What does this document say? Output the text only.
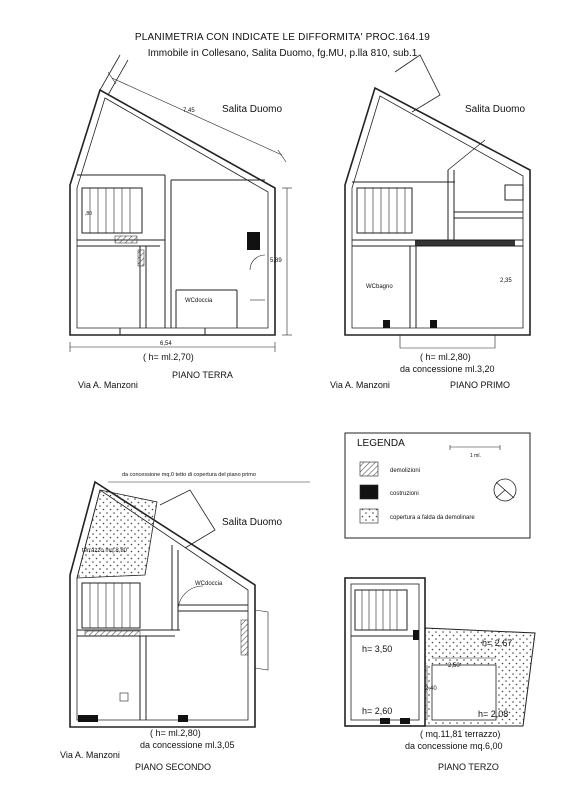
PLANIMETRIA CON INDICATE LE DIFFORMITA' PROC.164.19
Immobile in Collesano, Salita Duomo, fg.MU, p.lla 810, sub.1
Salita Duomo
7,45
5,89
6,54
,80
WCdoccia
( h= ml.2,70)
Via A. Manzoni
PIANO TERRA
Salita Duomo
WCbagno
2,35
( h= ml.2,80)
da concessione ml.3,20
Via A. Manzoni	PIANO PRIMO
LEGENDA
1 ml.
demolizioni
costruzioni
copertura a falda da demolinare
da concessione mq.0 tetto di copertura del piano primo
Salita Duomo
terrazzo mq.8,80
WCdoccia
( h= ml.2,80)
da concessione ml.3,05
Via A. Manzoni
PIANO SECONDO
h= 3,50
h= 2,60
h= 2,67
h= 2,08
2,50
2,40
( mq.11,81 terrazzo)
da concessione mq.6,00
PIANO TERZO
